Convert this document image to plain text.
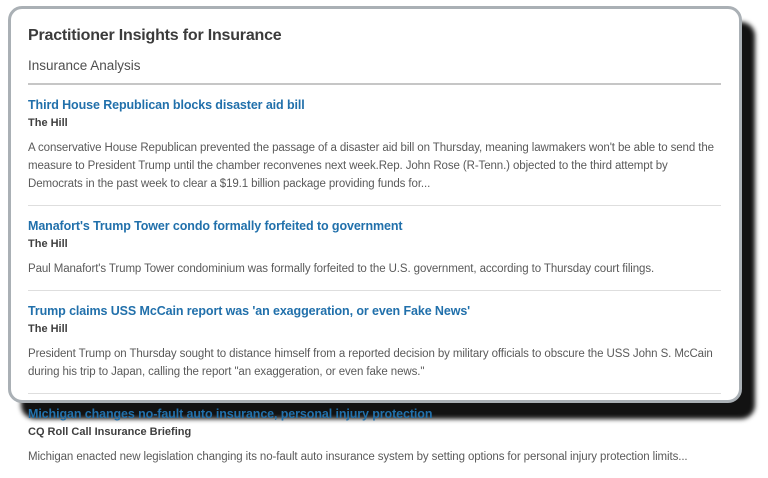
Practitioner Insights for Insurance
Insurance Analysis
Third House Republican blocks disaster aid bill
The Hill
A conservative House Republican prevented the passage of a disaster aid bill on Thursday, meaning lawmakers won't be able to send the measure to President Trump until the chamber reconvenes next week.Rep. John Rose (R-Tenn.) objected to the third attempt by Democrats in the past week to clear a $19.1 billion package providing funds for...
Manafort's Trump Tower condo formally forfeited to government
The Hill
Paul Manafort's Trump Tower condominium was formally forfeited to the U.S. government, according to Thursday court filings.
Trump claims USS McCain report was 'an exaggeration, or even Fake News'
The Hill
President Trump on Thursday sought to distance himself from a reported decision by military officials to obscure the USS John S. McCain during his trip to Japan, calling the report "an exaggeration, or even fake news."
Michigan changes no-fault auto insurance, personal injury protection
CQ Roll Call Insurance Briefing
Michigan enacted new legislation changing its no-fault auto insurance system by setting options for personal injury protection limits...
